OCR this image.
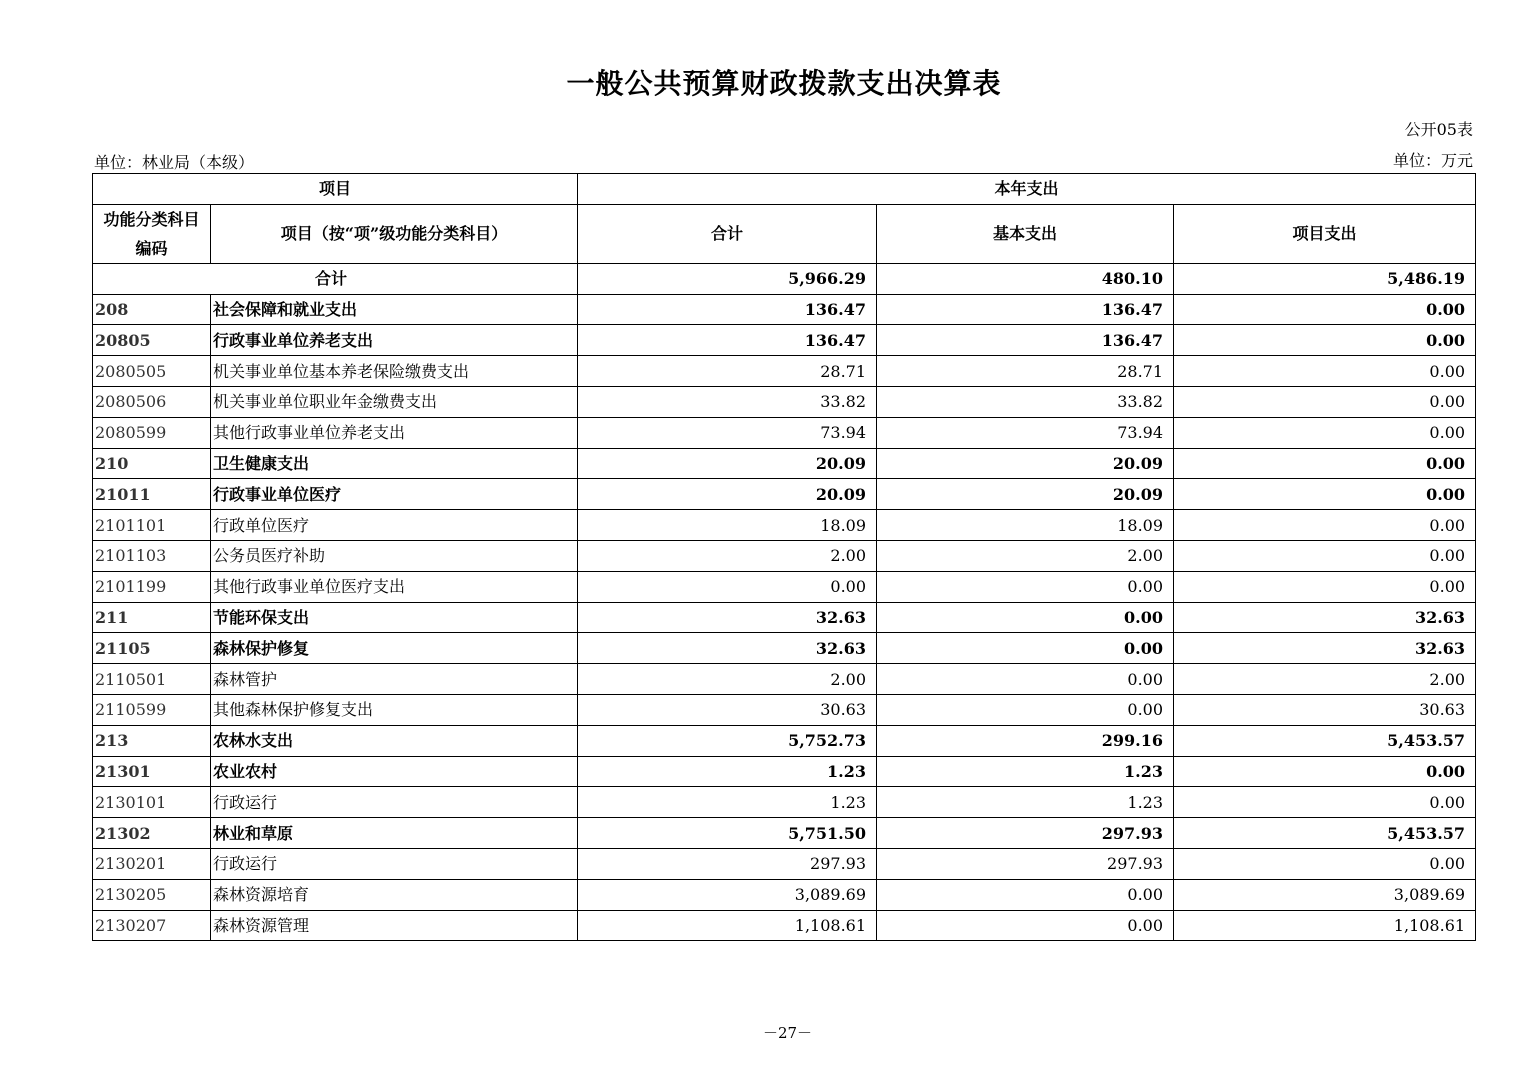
一般公共预算财政拨款支出决算表
公开05表
单位：林业局（本级）	单位：万元
项目		本年支出		
功能分类科目编码	项目（按“项”级功能分类科目）	合计	基本支出	项目支出
合计		5,966.29	480.10	5,486.19
208	社会保障和就业支出	136.47	136.47	0.00
20805	行政事业单位养老支出	136.47	136.47	0.00
2080505	机关事业单位基本养老保险缴费支出	28.71	28.71	0.00
2080506	机关事业单位职业年金缴费支出	33.82	33.82	0.00
2080599	其他行政事业单位养老支出	73.94	73.94	0.00
210	卫生健康支出	20.09	20.09	0.00
21011	行政事业单位医疗	20.09	20.09	0.00
2101101	行政单位医疗	18.09	18.09	0.00
2101103	公务员医疗补助	2.00	2.00	0.00
2101199	其他行政事业单位医疗支出	0.00	0.00	0.00
211	节能环保支出	32.63	0.00	32.63
21105	森林保护修复	32.63	0.00	32.63
2110501	森林管护	2.00	0.00	2.00
2110599	其他森林保护修复支出	30.63	0.00	30.63
213	农林水支出	5,752.73	299.16	5,453.57
21301	农业农村	1.23	1.23	0.00
2130101	行政运行	1.23	1.23	0.00
21302	林业和草原	5,751.50	297.93	5,453.57
2130201	行政运行	297.93	297.93	0.00
2130205	森林资源培育	3,089.69	0.00	3,089.69
2130207	森林资源管理	1,108.61	0.00	1,108.61
－27－
